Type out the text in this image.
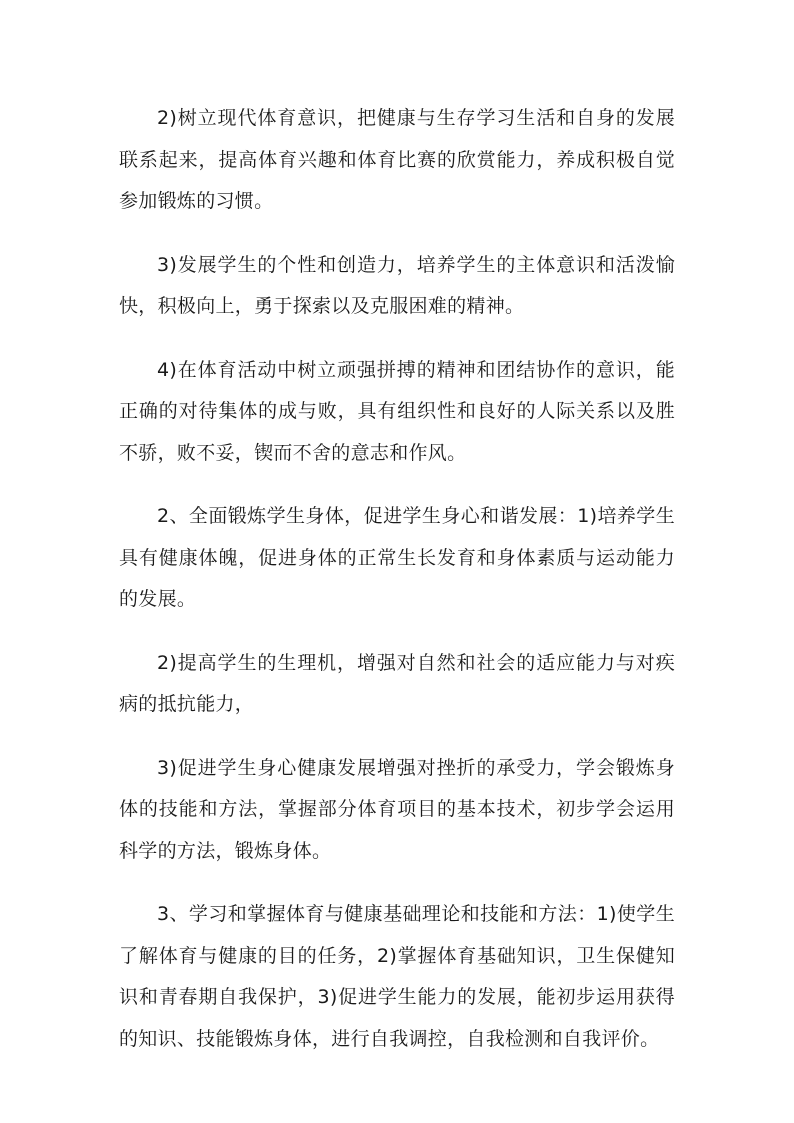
2)树立现代体育意识，把健康与生存学习生活和自身的发展联系起来，提高体育兴趣和体育比赛的欣赏能力，养成积极自觉参加锻炼的习惯。

3)发展学生的个性和创造力，培养学生的主体意识和活泼愉快，积极向上，勇于探索以及克服困难的精神。

4)在体育活动中树立顽强拼搏的精神和团结协作的意识，能正确的对待集体的成与败，具有组织性和良好的人际关系以及胜不骄，败不妥，锲而不舍的意志和作风。

2、全面锻炼学生身体，促进学生身心和谐发展：1)培养学生具有健康体魄，促进身体的正常生长发育和身体素质与运动能力的发展。

2)提高学生的生理机，增强对自然和社会的适应能力与对疾病的抵抗能力，

3)促进学生身心健康发展增强对挫折的承受力，学会锻炼身体的技能和方法，掌握部分体育项目的基本技术，初步学会运用科学的方法，锻炼身体。

3、学习和掌握体育与健康基础理论和技能和方法：1)使学生了解体育与健康的目的任务，2)掌握体育基础知识，卫生保健知识和青春期自我保护，3)促进学生能力的发展，能初步运用获得的知识、技能锻炼身体，进行自我调控，自我检测和自我评价。
